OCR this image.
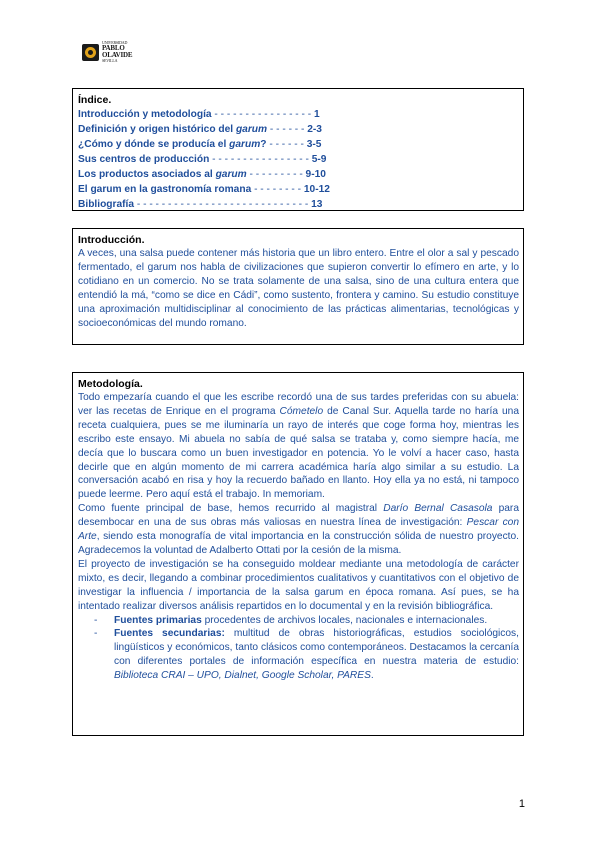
UNIVERSIDAD
PABLO
OLAVIDE
SEVILLA
Índice.
Introducción y metodología - - - - - - - - - - - - - - - - 1
Definición y origen histórico del garum - - - - - - 2-3
¿Cómo y dónde se producía el garum? - - - - - - 3-5
Sus centros de producción - - - - - - - - - - - - - - - - 5-9
Los productos asociados al garum - - - - - - - - - 9-10
El garum en la gastronomía romana - - - - - - - - 10-12
Bibliografía - - - - - - - - - - - - - - - - - - - - - - - - - - - - 13
Introducción.

A veces, una salsa puede contener más historia que un libro entero. Entre el olor a sal y pescado fermentado, el garum nos habla de civilizaciones que supieron convertir lo efímero en arte, y lo cotidiano en un comercio. No se trata solamente de una salsa, sino de una cultura entera que entendió la má, “como se dice en Cádi”, como sustento, frontera y camino. Su estudio constituye una aproximación multidisciplinar al conocimiento de las prácticas alimentarias, tecnológicas y socioeconómicas del mundo romano.

Metodología.

Todo empezaría cuando el que les escribe recordó una de sus tardes preferidas con su abuela: ver las recetas de Enrique en el programa Cómetelo de Canal Sur. Aquella tarde no haría una receta cualquiera, pues se me iluminaría un rayo de interés que coge forma hoy, mientras les escribo este ensayo. Mi abuela no sabía de qué salsa se trataba y, como siempre hacía, me decía que lo buscara como un buen investigador en potencia. Yo le volví a hacer caso, hasta decirle que en algún momento de mi carrera académica haría algo similar a su estudio. La conversación acabó en risa y hoy la recuerdo bañado en llanto. Hoy ella ya no está, ni tampoco puede leerme. Pero aquí está el trabajo. In memoriam.

Como fuente principal de base, hemos recurrido al magistral Darío Bernal Casasola para desembocar en una de sus obras más valiosas en nuestra línea de investigación: Pescar con Arte, siendo esta monografía de vital importancia en la construcción sólida de nuestro proyecto. Agradecemos la voluntad de Adalberto Ottati por la cesión de la misma.

El proyecto de investigación se ha conseguido moldear mediante una metodología de carácter mixto, es decir, llegando a combinar procedimientos cualitativos y cuantitativos con el objetivo de investigar la influencia / importancia de la salsa garum en época romana. Así pues, se ha intentado realizar diversos análisis repartidos en lo documental y en la revisión bibliográfica.

- Fuentes primarias procedentes de archivos locales, nacionales e internacionales.
- Fuentes secundarias: multitud de obras historiográficas, estudios sociológicos, lingüísticos y económicos, tanto clásicos como contemporáneos. Destacamos la cercanía con diferentes portales de información específica en nuestra materia de estudio: Biblioteca CRAI – UPO, Dialnet, Google Scholar, PARES.
1
